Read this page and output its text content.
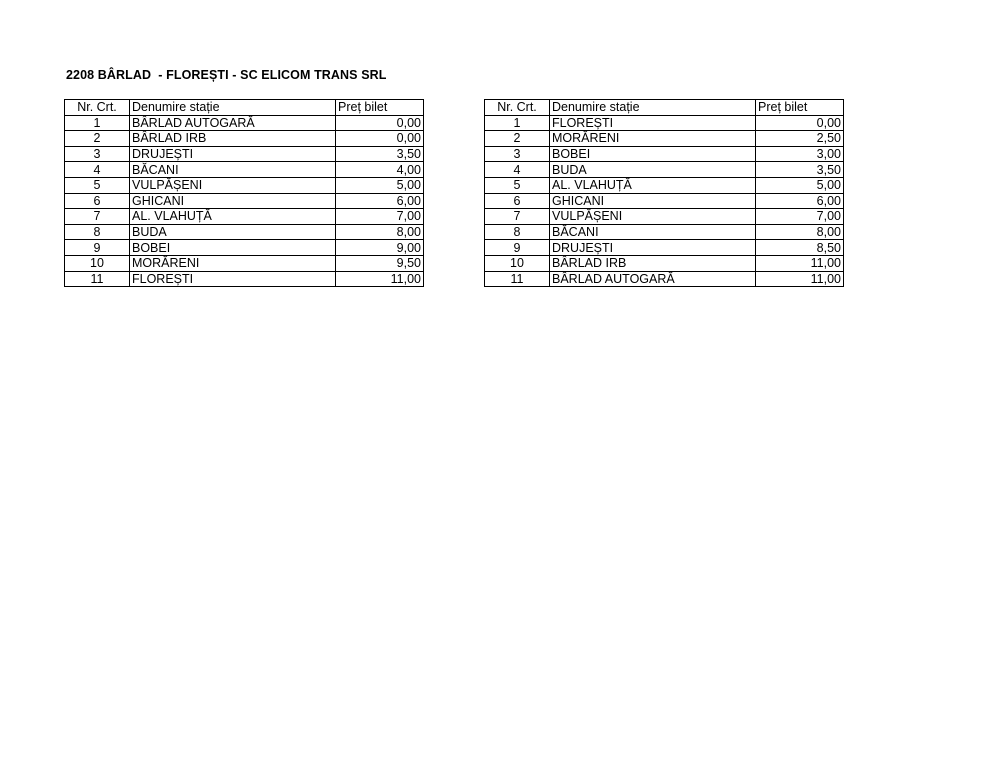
2208 BÂRLAD  - FLOREȘTI - SC ELICOM TRANS SRL
Nr. Crt.	Denumire stație	Preț bilet
1	BÂRLAD AUTOGARĂ	0,00
2	BÂRLAD IRB	0,00
3	DRUJEȘTI	3,50
4	BĂCANI	4,00
5	VULPĂȘENI	5,00
6	GHICANI	6,00
7	AL. VLAHUȚĂ	7,00
8	BUDA	8,00
9	BOBEI	9,00
10	MORĂRENI	9,50
11	FLOREȘTI	11,00
Nr. Crt.	Denumire stație	Preț bilet
1	FLOREȘTI	0,00
2	MORĂRENI	2,50
3	BOBEI	3,00
4	BUDA	3,50
5	AL. VLAHUȚĂ	5,00
6	GHICANI	6,00
7	VULPĂȘENI	7,00
8	BĂCANI	8,00
9	DRUJEȘTI	8,50
10	BÂRLAD IRB	11,00
11	BÂRLAD AUTOGARĂ	11,00
